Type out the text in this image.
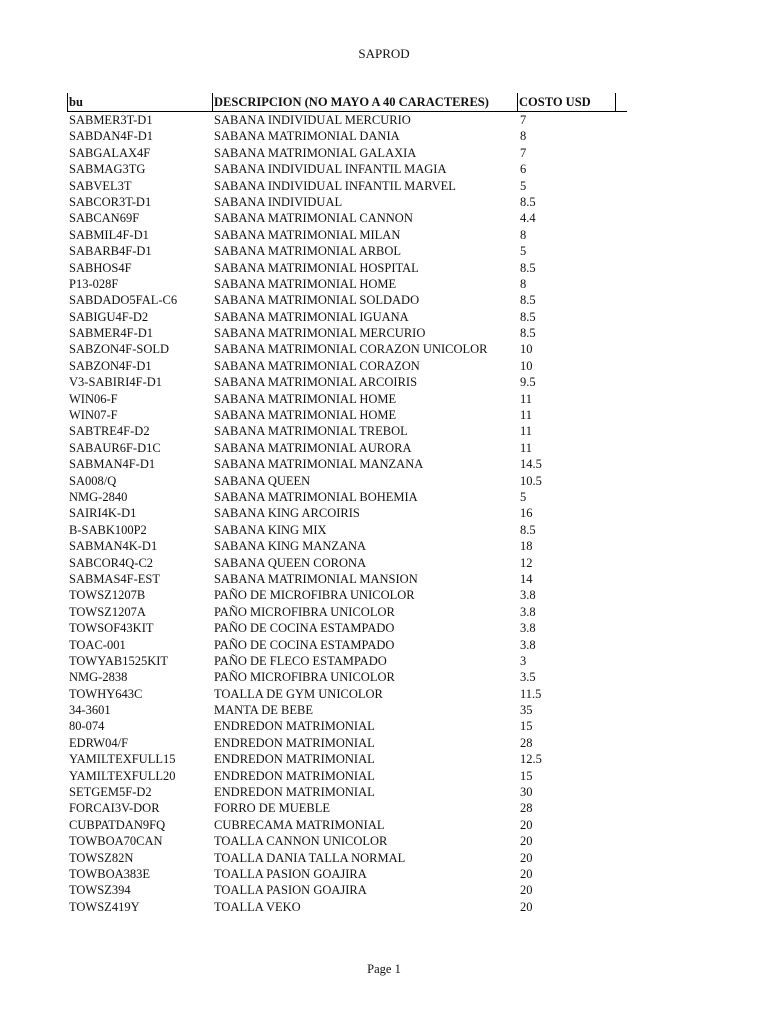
SAPROD
bu	DESCRIPCION (NO MAYO A 40 CARACTERES)	COSTO USD
SABMER3T-D1	SABANA INDIVIDUAL MERCURIO	7
SABDAN4F-D1	SABANA MATRIMONIAL DANIA	8
SABGALAX4F	SABANA MATRIMONIAL GALAXIA	7
SABMAG3TG	SABANA INDIVIDUAL INFANTIL MAGIA	6
SABVEL3T	SABANA INDIVIDUAL INFANTIL MARVEL	5
SABCOR3T-D1	SABANA INDIVIDUAL	8.5
SABCAN69F	SABANA MATRIMONIAL CANNON	4.4
SABMIL4F-D1	SABANA MATRIMONIAL MILAN	8
SABARB4F-D1	SABANA MATRIMONIAL ARBOL	5
SABHOS4F	SABANA MATRIMONIAL HOSPITAL	8.5
P13-028F	SABANA MATRIMONIAL HOME	8
SABDADO5FAL-C6	SABANA MATRIMONIAL SOLDADO	8.5
SABIGU4F-D2	SABANA MATRIMONIAL IGUANA	8.5
SABMER4F-D1	SABANA MATRIMONIAL MERCURIO	8.5
SABZON4F-SOLD	SABANA MATRIMONIAL CORAZON UNICOLOR	10
SABZON4F-D1	SABANA MATRIMONIAL CORAZON	10
V3-SABIRI4F-D1	SABANA MATRIMONIAL ARCOIRIS	9.5
WIN06-F	SABANA MATRIMONIAL HOME	11
WIN07-F	SABANA MATRIMONIAL HOME	11
SABTRE4F-D2	SABANA MATRIMONIAL TREBOL	11
SABAUR6F-D1C	SABANA MATRIMONIAL AURORA	11
SABMAN4F-D1	SABANA MATRIMONIAL MANZANA	14.5
SA008/Q	SABANA QUEEN	10.5
NMG-2840	SABANA MATRIMONIAL BOHEMIA	5
SAIRI4K-D1	SABANA KING ARCOIRIS	16
B-SABK100P2	SABANA KING MIX	8.5
SABMAN4K-D1	SABANA KING MANZANA	18
SABCOR4Q-C2	SABANA QUEEN CORONA	12
SABMAS4F-EST	SABANA MATRIMONIAL MANSION	14
TOWSZ1207B	PAÑO DE MICROFIBRA UNICOLOR	3.8
TOWSZ1207A	PAÑO MICROFIBRA UNICOLOR	3.8
TOWSOF43KIT	PAÑO DE COCINA ESTAMPADO	3.8
TOAC-001	PAÑO DE COCINA ESTAMPADO	3.8
TOWYAB1525KIT	PAÑO DE FLECO ESTAMPADO	3
NMG-2838	PAÑO MICROFIBRA UNICOLOR	3.5
TOWHY643C	TOALLA DE GYM UNICOLOR	11.5
34-3601	MANTA DE BEBE	35
80-074	ENDREDON MATRIMONIAL	15
EDRW04/F	ENDREDON MATRIMONIAL	28
YAMILTEXFULL15	ENDREDON MATRIMONIAL	12.5
YAMILTEXFULL20	ENDREDON MATRIMONIAL	15
SETGEM5F-D2	ENDREDON MATRIMONIAL	30
FORCAI3V-DOR	FORRO DE MUEBLE	28
CUBPATDAN9FQ	CUBRECAMA MATRIMONIAL	20
TOWBOA70CAN	TOALLA CANNON UNICOLOR	20
TOWSZ82N	TOALLA DANIA TALLA NORMAL	20
TOWBOA383E	TOALLA PASION GOAJIRA	20
TOWSZ394	TOALLA PASION GOAJIRA	20
TOWSZ419Y	TOALLA VEKO	20
Page 1
